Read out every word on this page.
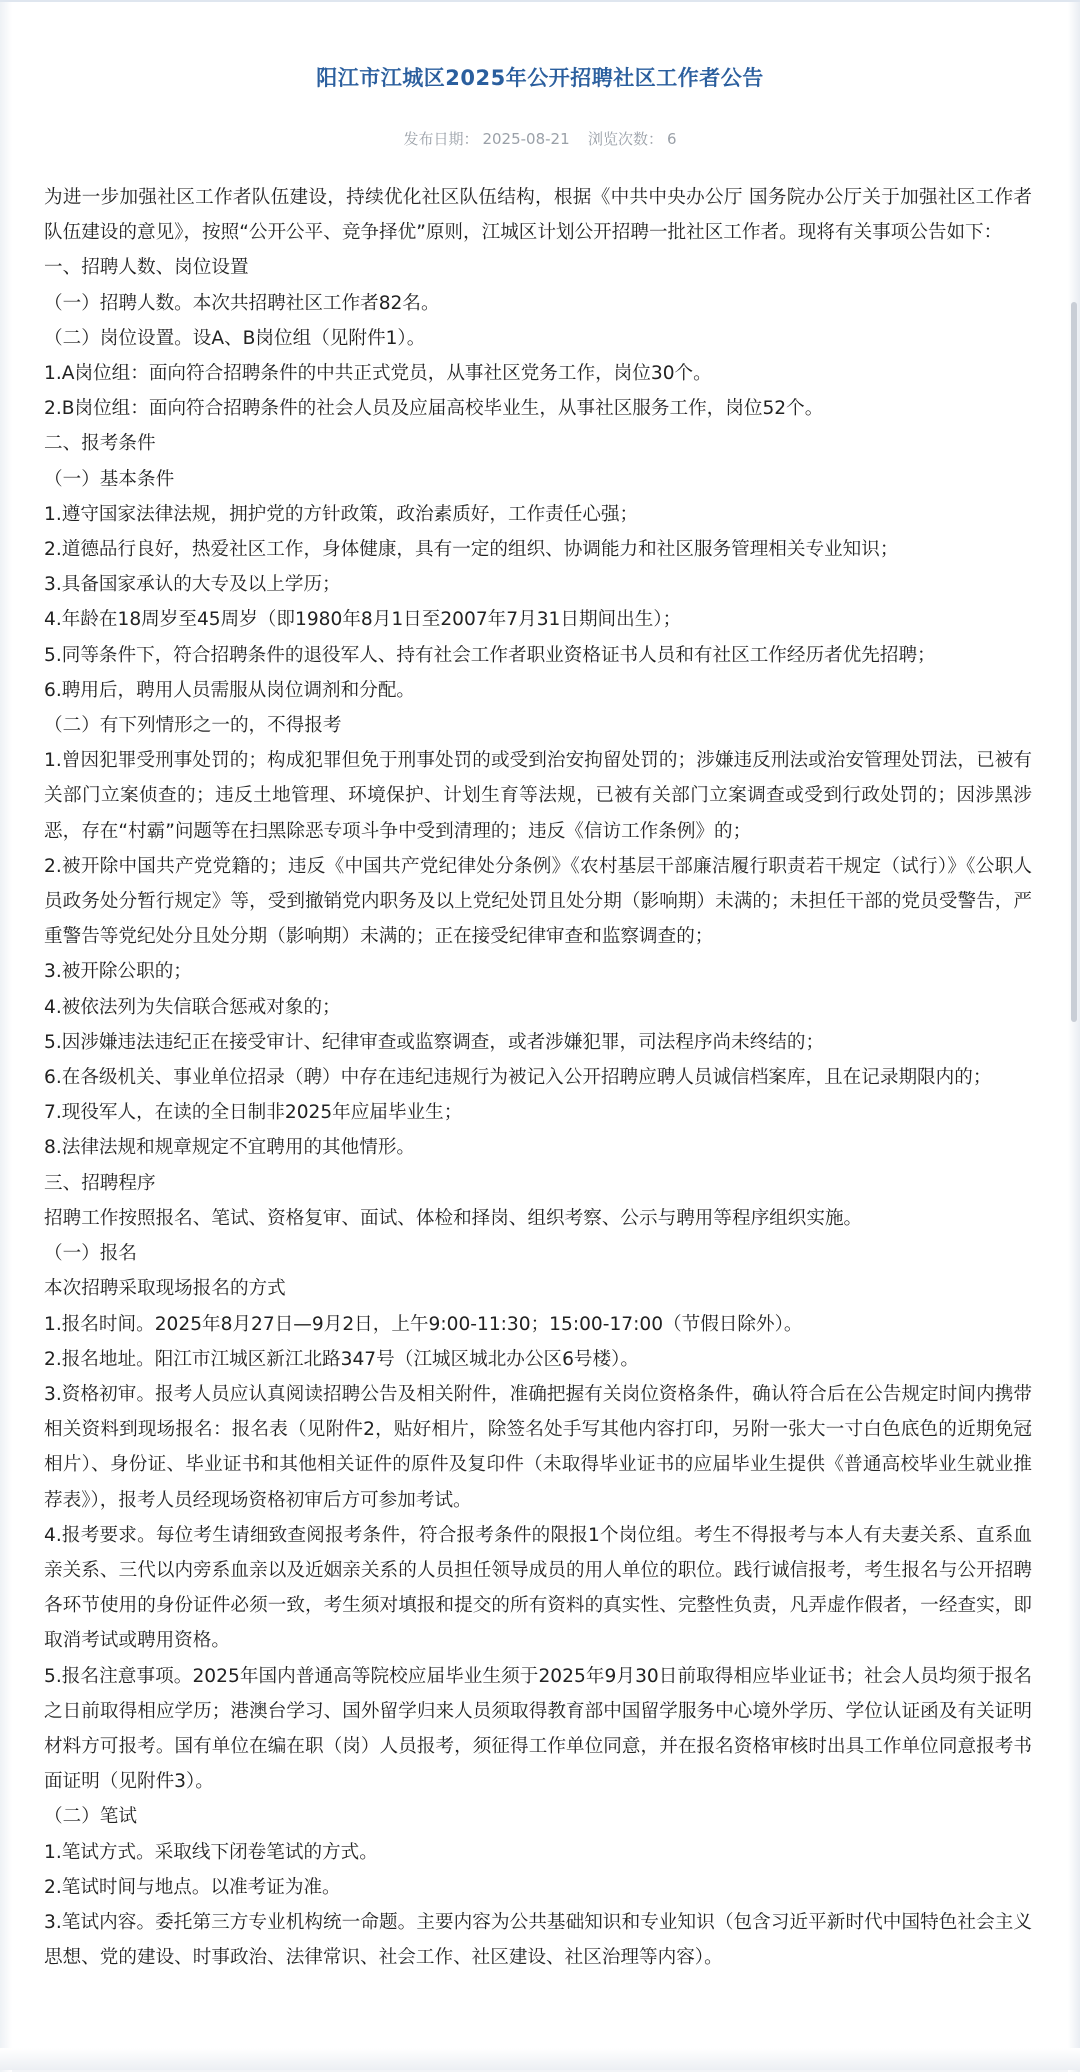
阳江市江城区2025年公开招聘社区工作者公告
发布日期： 2025-08-21 浏览次数： 6

为进一步加强社区工作者队伍建设，持续优化社区队伍结构，根据《中共中央办公厅 国务院办公厅关于加强社区工作者队伍建设的意见》，按照“公开公平、竞争择优”原则，江城区计划公开招聘一批社区工作者。现将有关事项公告如下：

一、招聘人数、岗位设置

（一）招聘人数。本次共招聘社区工作者82名。

（二）岗位设置。设A、B岗位组（见附件1）。

1.A岗位组：面向符合招聘条件的中共正式党员，从事社区党务工作，岗位30个。

2.B岗位组：面向符合招聘条件的社会人员及应届高校毕业生，从事社区服务工作，岗位52个。

二、报考条件

（一）基本条件

1.遵守国家法律法规，拥护党的方针政策，政治素质好，工作责任心强；

2.道德品行良好，热爱社区工作，身体健康，具有一定的组织、协调能力和社区服务管理相关专业知识；

3.具备国家承认的大专及以上学历；

4.年龄在18周岁至45周岁（即1980年8月1日至2007年7月31日期间出生）；

5.同等条件下，符合招聘条件的退役军人、持有社会工作者职业资格证书人员和有社区工作经历者优先招聘；

6.聘用后，聘用人员需服从岗位调剂和分配。

（二）有下列情形之一的，不得报考

1.曾因犯罪受刑事处罚的；构成犯罪但免于刑事处罚的或受到治安拘留处罚的；涉嫌违反刑法或治安管理处罚法，已被有关部门立案侦查的；违反土地管理、环境保护、计划生育等法规，已被有关部门立案调查或受到行政处罚的；因涉黑涉恶，存在“村霸”问题等在扫黑除恶专项斗争中受到清理的；违反《信访工作条例》的；

2.被开除中国共产党党籍的；违反《中国共产党纪律处分条例》《农村基层干部廉洁履行职责若干规定（试行）》《公职人员政务处分暂行规定》等，受到撤销党内职务及以上党纪处罚且处分期（影响期）未满的；未担任干部的党员受警告，严重警告等党纪处分且处分期（影响期）未满的；正在接受纪律审查和监察调查的；

3.被开除公职的；

4.被依法列为失信联合惩戒对象的；

5.因涉嫌违法违纪正在接受审计、纪律审查或监察调查，或者涉嫌犯罪，司法程序尚未终结的；

6.在各级机关、事业单位招录（聘）中存在违纪违规行为被记入公开招聘应聘人员诚信档案库，且在记录期限内的；

7.现役军人，在读的全日制非2025年应届毕业生；

8.法律法规和规章规定不宜聘用的其他情形。

三、招聘程序

招聘工作按照报名、笔试、资格复审、面试、体检和择岗、组织考察、公示与聘用等程序组织实施。

（一）报名

本次招聘采取现场报名的方式

1.报名时间。2025年8月27日—9月2日，上午9:00-11:30；15:00-17:00（节假日除外）。

2.报名地址。阳江市江城区新江北路347号（江城区城北办公区6号楼）。

3.资格初审。报考人员应认真阅读招聘公告及相关附件，准确把握有关岗位资格条件，确认符合后在公告规定时间内携带相关资料到现场报名：报名表（见附件2，贴好相片，除签名处手写其他内容打印，另附一张大一寸白色底色的近期免冠相片）、身份证、毕业证书和其他相关证件的原件及复印件（未取得毕业证书的应届毕业生提供《普通高校毕业生就业推荐表》），报考人员经现场资格初审后方可参加考试。

4.报考要求。每位考生请细致查阅报考条件，符合报考条件的限报1个岗位组。考生不得报考与本人有夫妻关系、直系血亲关系、三代以内旁系血亲以及近姻亲关系的人员担任领导成员的用人单位的职位。践行诚信报考，考生报名与公开招聘各环节使用的身份证件必须一致，考生须对填报和提交的所有资料的真实性、完整性负责，凡弄虚作假者，一经查实，即取消考试或聘用资格。

5.报名注意事项。2025年国内普通高等院校应届毕业生须于2025年9月30日前取得相应毕业证书；社会人员均须于报名之日前取得相应学历；港澳台学习、国外留学归来人员须取得教育部中国留学服务中心境外学历、学位认证函及有关证明材料方可报考。国有单位在编在职（岗）人员报考，须征得工作单位同意，并在报名资格审核时出具工作单位同意报考书面证明（见附件3）。

（二）笔试

1.笔试方式。采取线下闭卷笔试的方式。

2.笔试时间与地点。以准考证为准。

3.笔试内容。委托第三方专业机构统一命题。主要内容为公共基础知识和专业知识（包含习近平新时代中国特色社会主义思想、党的建设、时事政治、法律常识、社会工作、社区建设、社区治理等内容）。
